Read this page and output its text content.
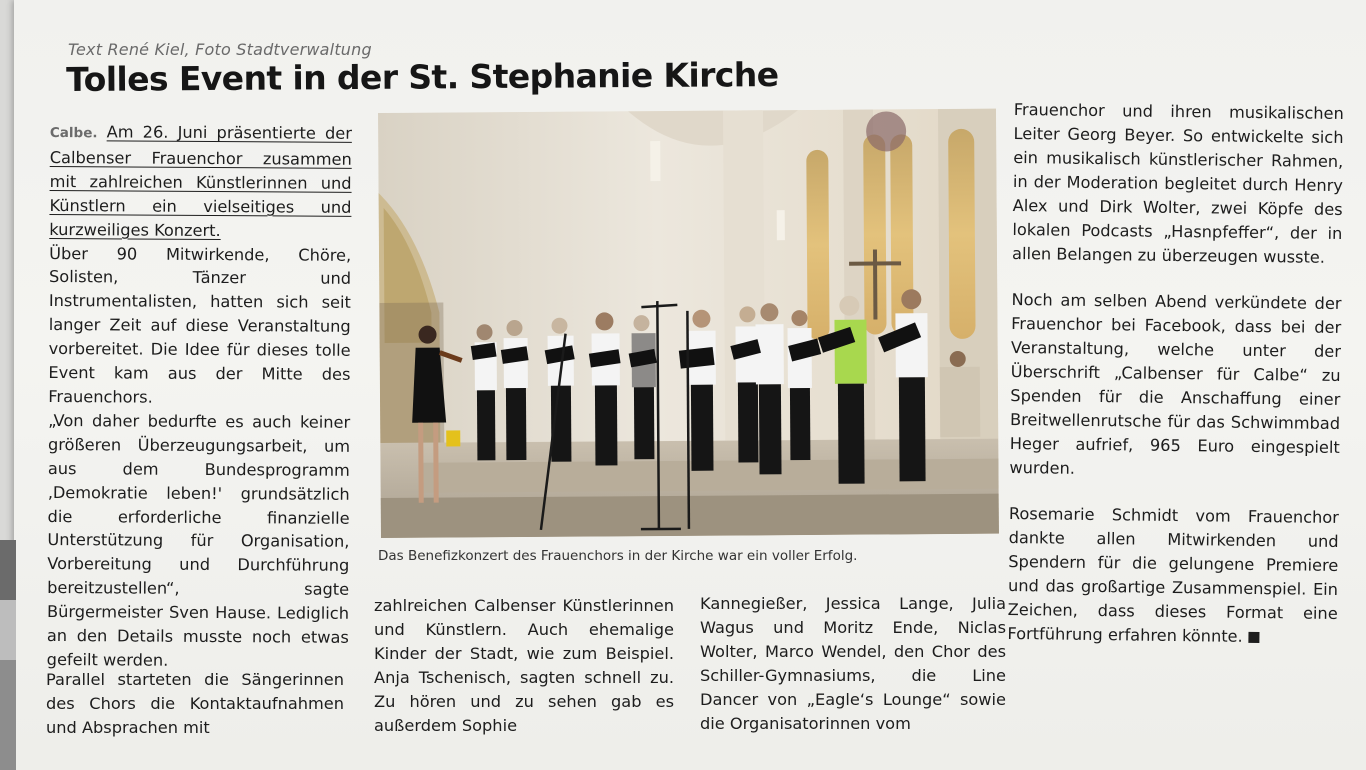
Text René Kiel, Foto Stadtverwaltung
Tolles Event in der St. Stephanie Kirche

Calbe. Am 26. Juni präsentierte der Calbenser Frauenchor zusammen mit zahlreichen Künstlerinnen und Künstlern ein vielseitiges und kurzweiliges Konzert.

Über 90 Mitwirkende, Chöre, Solisten, Tänzer und Instrumentalisten, hatten sich seit langer Zeit auf diese Veranstaltung vorbereitet. Die Idee für dieses tolle Event kam aus der Mitte des Frauenchors.

„Von daher bedurfte es auch keiner größeren Überzeugungsarbeit, um aus dem Bundesprogramm ‚Demokratie leben!' grundsätzlich die erforderliche finanzielle Unterstützung für Organisation, Vorbereitung und Durchführung bereitzustellen“, sagte Bürgermeister Sven Hause. Lediglich an den Details musste noch etwas gefeilt werden.

Parallel starteten die Sängerinnen des Chors die Kontaktaufnahmen und Absprachen mit

Das Benefizkonzert des Frauenchors in der Kirche war ein voller Erfolg.

zahlreichen Calbenser Künstlerinnen und Künstlern. Auch ehemalige Kinder der Stadt, wie zum Beispiel. Anja Tschenisch, sagten schnell zu. Zu hören und zu sehen gab es außerdem Sophie

Kannegießer, Jessica Lange, Julia Wagus und Moritz Ende, Niclas Wolter, Marco Wendel, den Chor des Schiller-Gymnasiums, die Line Dancer von „Eagle‘s Lounge“ sowie die Organisatorinnen vom

Frauenchor und ihren musikalischen Leiter Georg Beyer. So entwickelte sich ein musikalisch künstlerischer Rahmen, in der Moderation begleitet durch Henry Alex und Dirk Wolter, zwei Köpfe des lokalen Podcasts „Hasnpfeffer“, der in allen Belangen zu überzeugen wusste.

Noch am selben Abend verkündete der Frauenchor bei Facebook, dass bei der Veranstaltung, welche unter der Überschrift „Calbenser für Calbe“ zu Spenden für die Anschaffung einer Breitwellenrutsche für das Schwimmbad Heger aufrief, 965 Euro eingespielt wurden.

Rosemarie Schmidt vom Frauenchor dankte allen Mitwirkenden und Spendern für die gelungene Premiere und das großartige Zusammenspiel. Ein Zeichen, dass dieses Format eine Fortführung erfahren könnte.
